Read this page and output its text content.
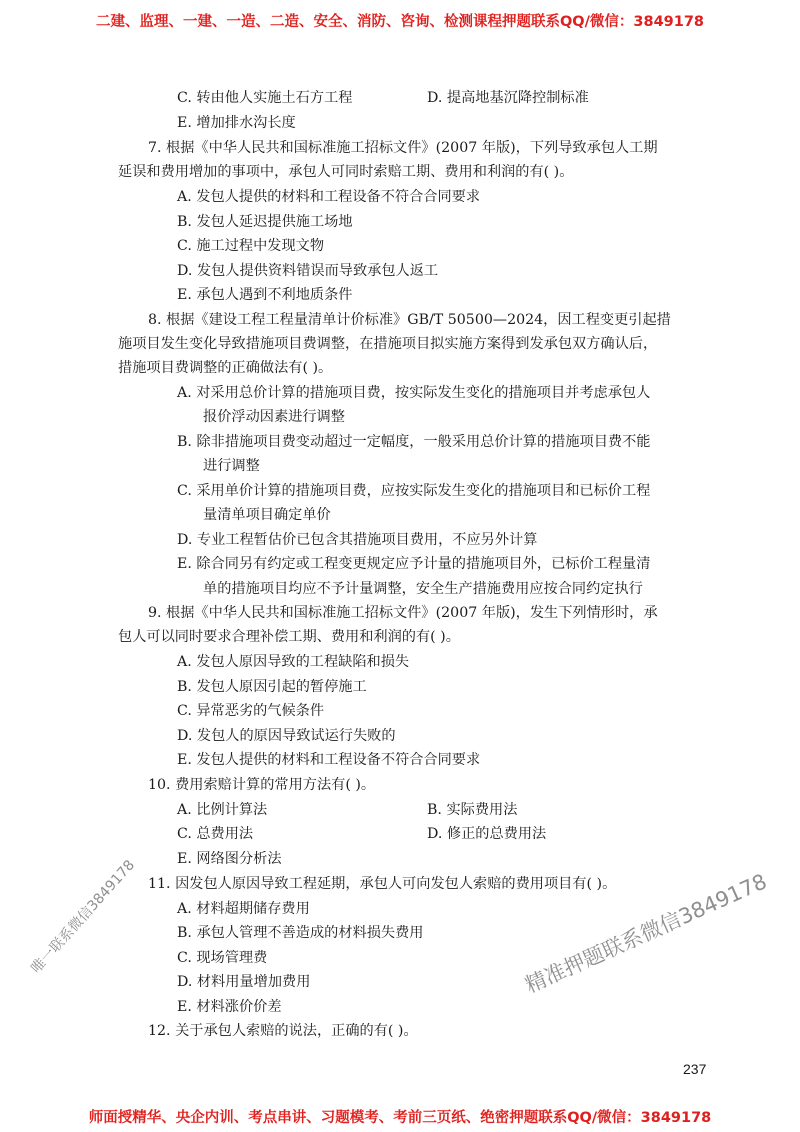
二建、监理、一建、一造、二造、安全、消防、咨询、检测课程押题联系QQ/微信：3849178
C. 转由他人实施土石方工程	D. 提高地基沉降控制标准
E. 增加排水沟长度
7. 根据《中华人民共和国标准施工招标文件》(2007 年版)，下列导致承包人工期
延误和费用增加的事项中，承包人可同时索赔工期、费用和利润的有( )。
A. 发包人提供的材料和工程设备不符合合同要求
B. 发包人延迟提供施工场地
C. 施工过程中发现文物
D. 发包人提供资料错误而导致承包人返工
E. 承包人遇到不利地质条件
8. 根据《建设工程工程量清单计价标准》GB/T 50500—2024，因工程变更引起措
施项目发生变化导致措施项目费调整，在措施项目拟实施方案得到发承包双方确认后，
措施项目费调整的正确做法有( )。
A. 对采用总价计算的措施项目费，按实际发生变化的措施项目并考虑承包人
报价浮动因素进行调整
B. 除非措施项目费变动超过一定幅度，一般采用总价计算的措施项目费不能
进行调整
C. 采用单价计算的措施项目费，应按实际发生变化的措施项目和已标价工程
量清单项目确定单价
D. 专业工程暂估价已包含其措施项目费用，不应另外计算
E. 除合同另有约定或工程变更规定应予计量的措施项目外，已标价工程量清
单的措施项目均应不予计量调整，安全生产措施费用应按合同约定执行
9. 根据《中华人民共和国标准施工招标文件》(2007 年版)，发生下列情形时，承
包人可以同时要求合理补偿工期、费用和利润的有( )。
A. 发包人原因导致的工程缺陷和损失
B. 发包人原因引起的暂停施工
C. 异常恶劣的气候条件
D. 发包人的原因导致试运行失败的
E. 发包人提供的材料和工程设备不符合合同要求
10. 费用索赔计算的常用方法有( )。
A. 比例计算法	B. 实际费用法
C. 总费用法	D. 修正的总费用法
E. 网络图分析法
11. 因发包人原因导致工程延期，承包人可向发包人索赔的费用项目有( )。
A. 材料超期储存费用
B. 承包人管理不善造成的材料损失费用
C. 现场管理费
D. 材料用量增加费用
E. 材料涨价价差
12. 关于承包人索赔的说法，正确的有( )。
237
唯一联系微信3849178	精准押题联系微信3849178
师面授精华、央企内训、考点串讲、习题模考、考前三页纸、绝密押题联系QQ/微信：3849178
